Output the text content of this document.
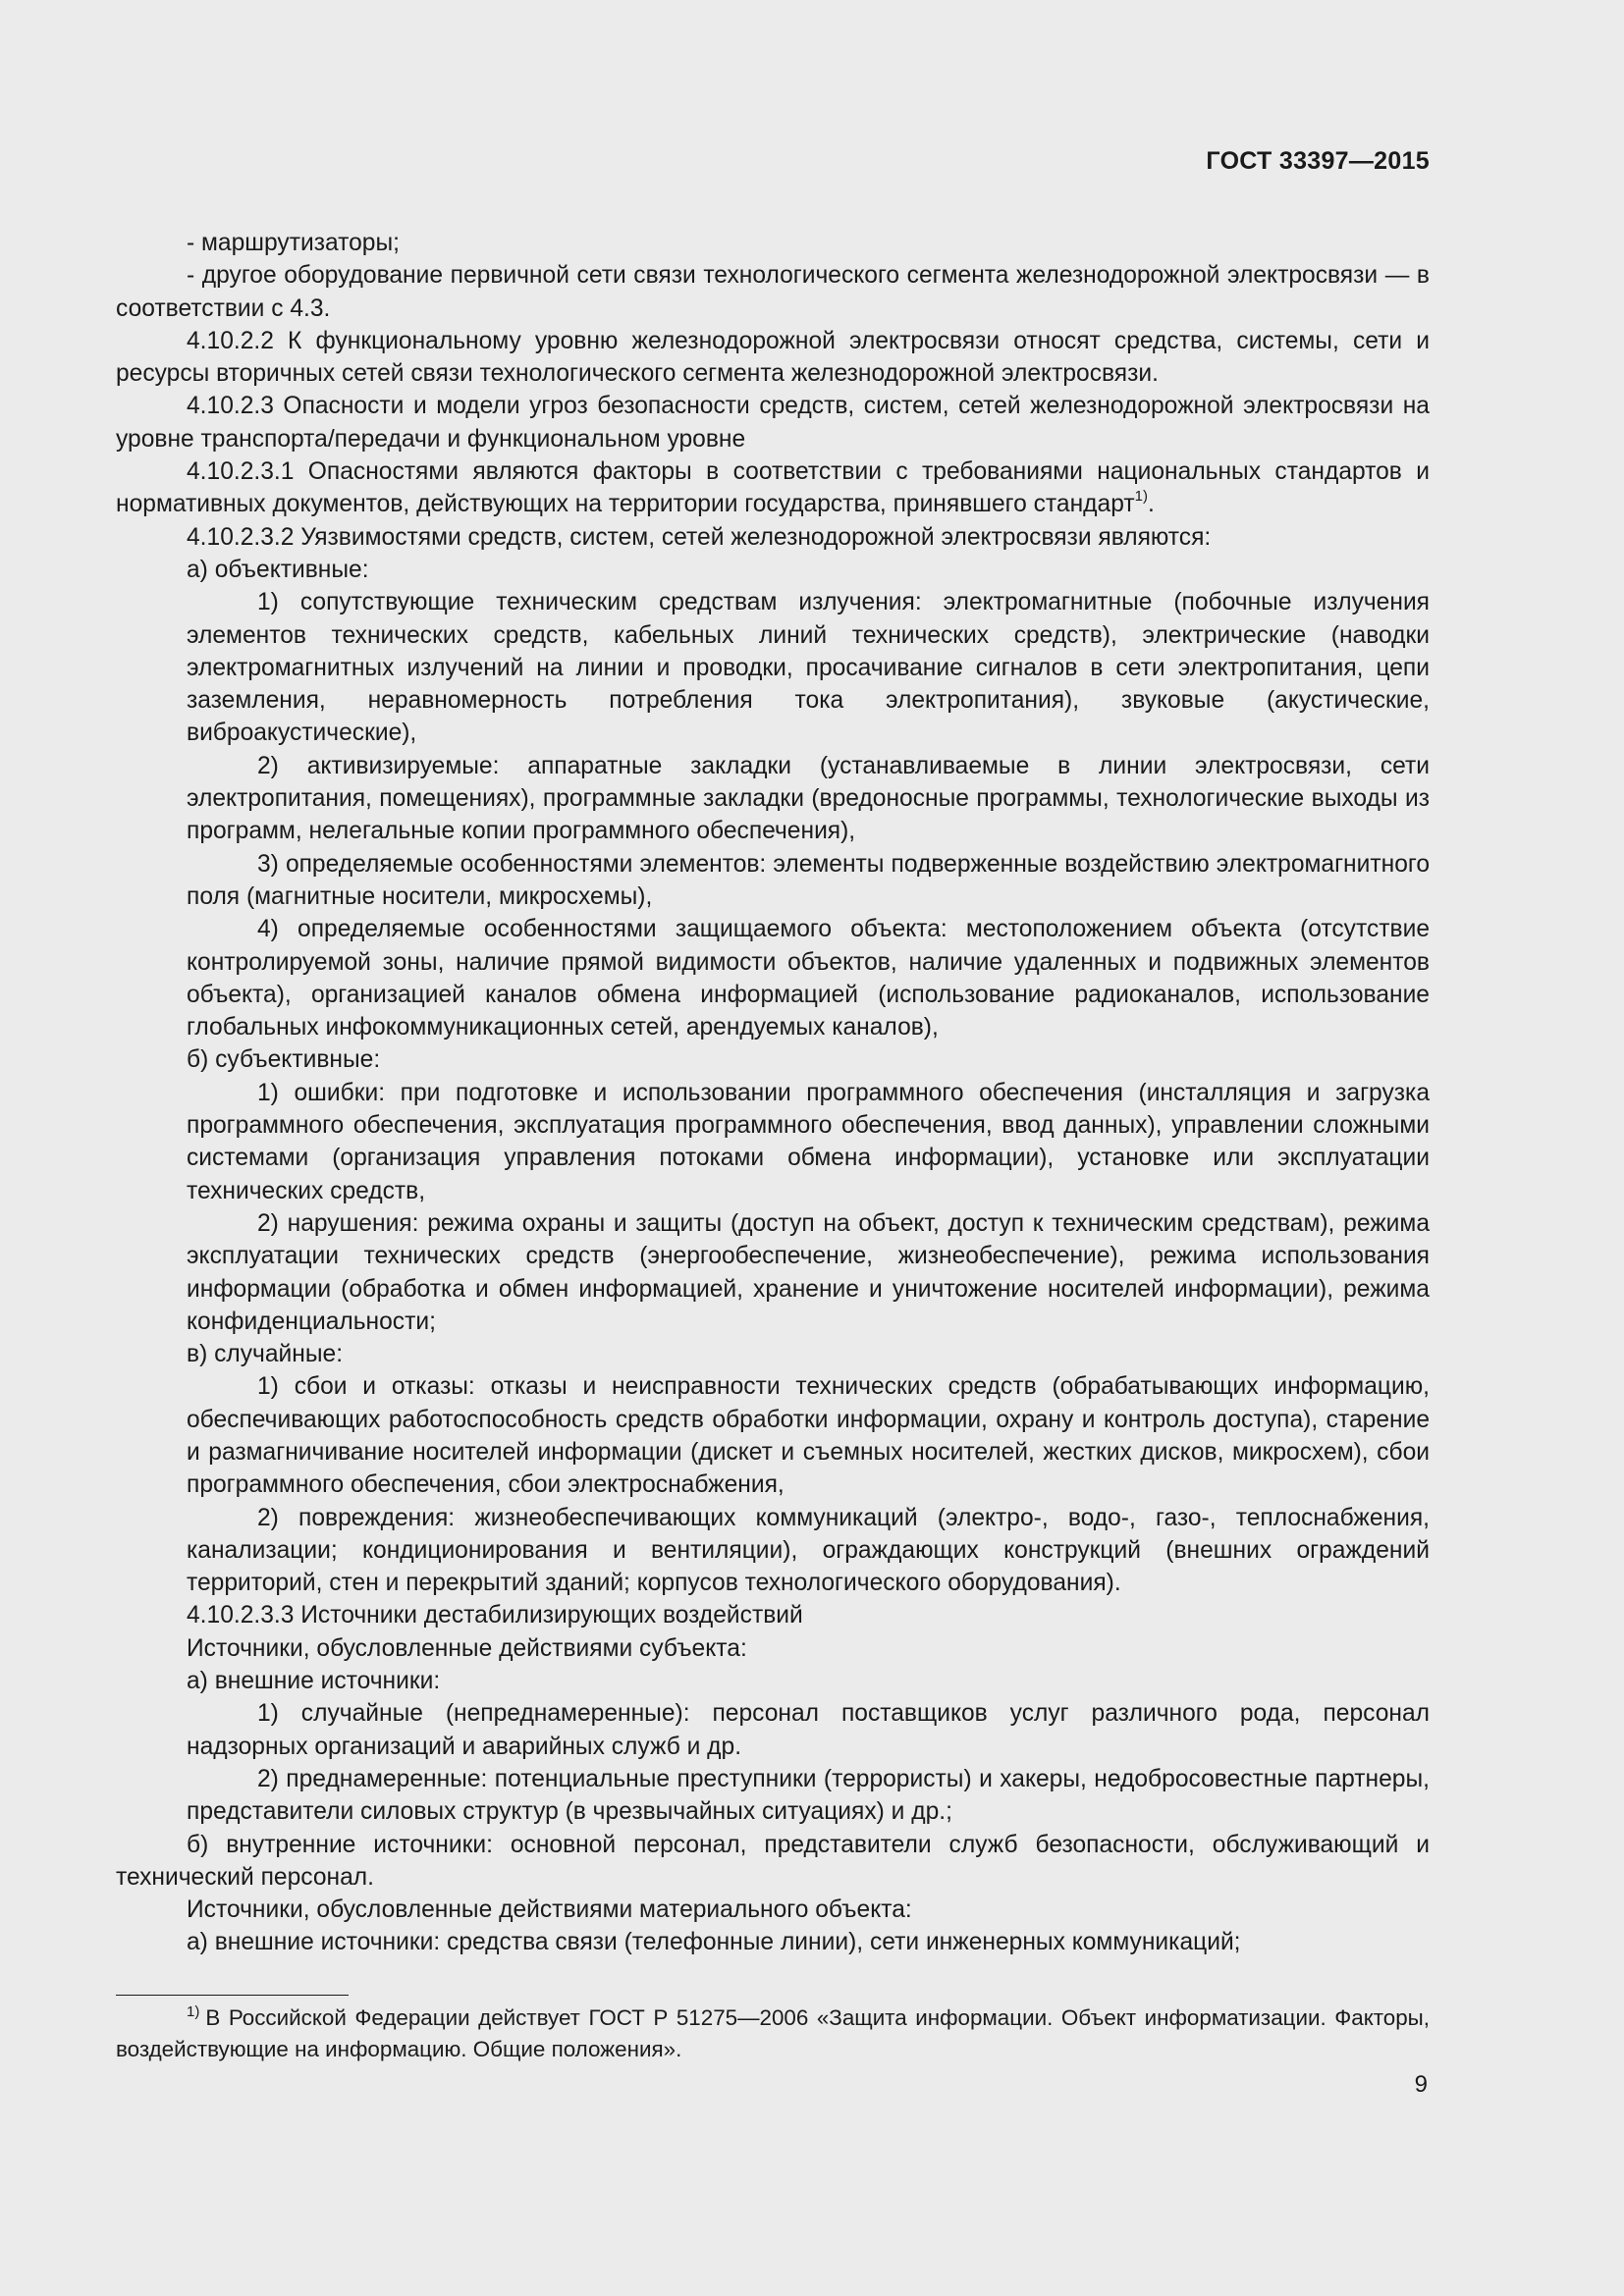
ГОСТ 33397—2015

- маршрутизаторы;

- другое оборудование первичной сети связи технологического сегмента железнодорожной электросвязи — в соответствии с 4.3.

4.10.2.2 К функциональному уровню железнодорожной электросвязи относят средства, системы, сети и ресурсы вторичных сетей связи технологического сегмента железнодорожной электросвязи.

4.10.2.3 Опасности и модели угроз безопасности средств, систем, сетей железнодорожной электросвязи на уровне транспорта/передачи и функциональном уровне

4.10.2.3.1 Опасностями являются факторы в соответствии с требованиями национальных стандартов и нормативных документов, действующих на территории государства, принявшего стандарт$^{1)}$.

4.10.2.3.2 Уязвимостями средств, систем, сетей железнодорожной электросвязи являются:

а) объективные:

1) сопутствующие техническим средствам излучения: электромагнитные (побочные излучения элементов технических средств, кабельных линий технических средств), электрические (наводки электромагнитных излучений на линии и проводки, просачивание сигналов в сети электропитания, цепи заземления, неравномерность потребления тока электропитания), звуковые (акустические, виброакустические),

2) активизируемые: аппаратные закладки (устанавливаемые в линии электросвязи, сети электропитания, помещениях), программные закладки (вредоносные программы, технологические выходы из программ, нелегальные копии программного обеспечения),

3) определяемые особенностями элементов: элементы подверженные воздействию электромагнитного поля (магнитные носители, микросхемы),

4) определяемые особенностями защищаемого объекта: местоположением объекта (отсутствие контролируемой зоны, наличие прямой видимости объектов, наличие удаленных и подвижных элементов объекта), организацией каналов обмена информацией (использование радиоканалов, использование глобальных инфокоммуникационных сетей, арендуемых каналов),

б) субъективные:

1) ошибки: при подготовке и использовании программного обеспечения (инсталляция и загрузка программного обеспечения, эксплуатация программного обеспечения, ввод данных), управлении сложными системами (организация управления потоками обмена информации), установке или эксплуатации технических средств,

2) нарушения: режима охраны и защиты (доступ на объект, доступ к техническим средствам), режима эксплуатации технических средств (энергообеспечение, жизнеобеспечение), режима использования информации (обработка и обмен информацией, хранение и уничтожение носителей информации), режима конфиденциальности;

в) случайные:

1) сбои и отказы: отказы и неисправности технических средств (обрабатывающих информацию, обеспечивающих работоспособность средств обработки информации, охрану и контроль доступа), старение и размагничивание носителей информации (дискет и съемных носителей, жестких дисков, микросхем), сбои программного обеспечения, сбои электроснабжения,

2) повреждения: жизнеобеспечивающих коммуникаций (электро-, водо-, газо-, теплоснабжения, канализации; кондиционирования и вентиляции), ограждающих конструкций (внешних ограждений территорий, стен и перекрытий зданий; корпусов технологического оборудования).

4.10.2.3.3 Источники дестабилизирующих воздействий

Источники, обусловленные действиями субъекта:

а) внешние источники:

1) случайные (непреднамеренные): персонал поставщиков услуг различного рода, персонал надзорных организаций и аварийных служб и др.

2) преднамеренные: потенциальные преступники (террористы) и хакеры, недобросовестные партнеры, представители силовых структур (в чрезвычайных ситуациях) и др.;

б) внутренние источники: основной персонал, представители служб безопасности, обслуживающий и технический персонал.

Источники, обусловленные действиями материального объекта:

а) внешние источники: средства связи (телефонные линии), сети инженерных коммуникаций;

$^{1)}$ В Российской Федерации действует ГОСТ Р 51275—2006 «Защита информации. Объект информатизации. Факторы, воздействующие на информацию. Общие положения».

9
